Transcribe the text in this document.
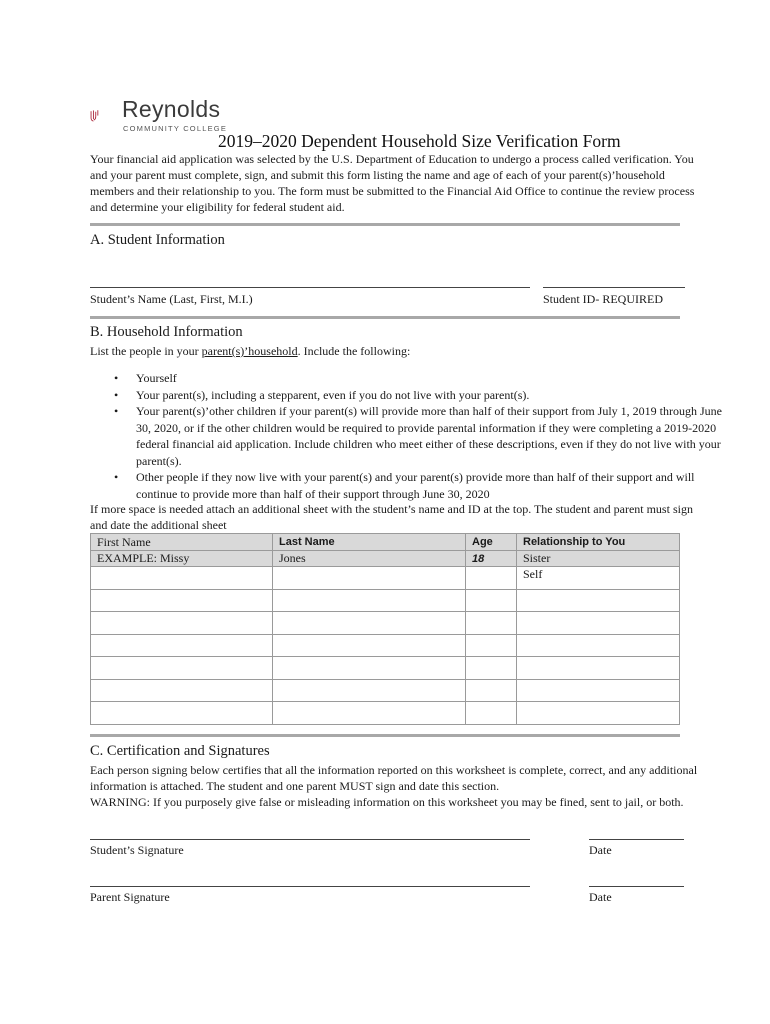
Reynolds
COMMUNITY COLLEGE
2019–2020 Dependent Household Size Verification Form
Your financial aid application was selected by the U.S. Department of Education to undergo a process called verification. You and your parent must complete, sign, and submit this form listing the name and age of each of your parent(s)’household members and their relationship to you. The form must be submitted to the Financial Aid Office to continue the review process and determine your eligibility for federal student aid.
A. Student Information
Student’s Name (Last, First, M.I.)	Student ID- REQUIRED
B. Household Information
List the people in your parent(s)’household. Include the following:
• Yourself
• Your parent(s), including a stepparent, even if you do not live with your parent(s).
• Your parent(s)’other children if your parent(s) will provide more than half of their support from July 1, 2019 through June 30, 2020, or if the other children would be required to provide parental information if they were completing a 2019-2020 federal financial aid application. Include children who meet either of these descriptions, even if they do not live with your parent(s).
• Other people if they now live with your parent(s) and your parent(s) provide more than half of their support and will continue to provide more than half of their support through June 30, 2020
If more space is needed attach an additional sheet with the student’s name and ID at the top. The student and parent must sign and date the additional sheet
First Name	Last Name	Age	Relationship to You
EXAMPLE: Missy	Jones	18	Sister
			Self

C. Certification and Signatures
Each person signing below certifies that all the information reported on this worksheet is complete, correct, and any additional information is attached. The student and one parent MUST sign and date this section.
WARNING: If you purposely give false or misleading information on this worksheet you may be fined, sent to jail, or both.
Student’s Signature	Date
Parent Signature	Date
